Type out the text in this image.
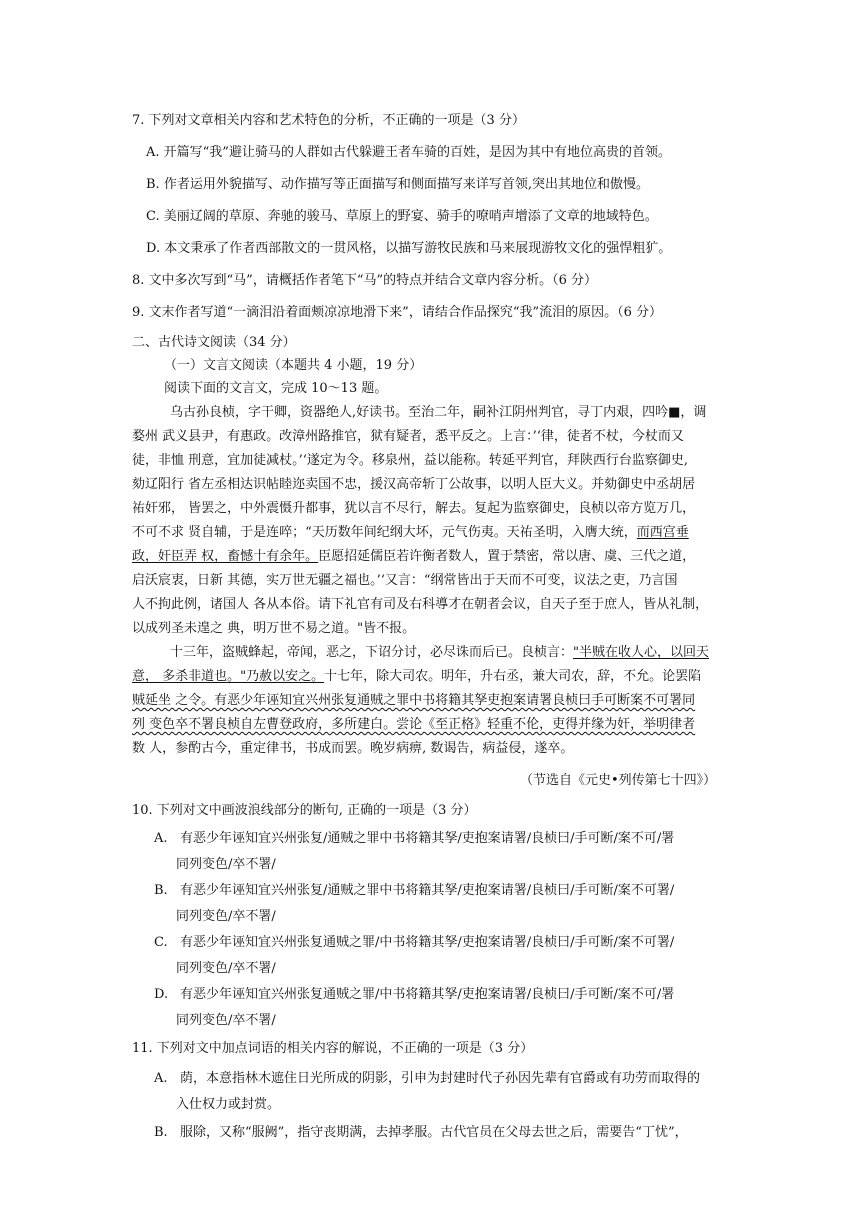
7. 下列对文章相关内容和艺术特色的分析，不正确的一项是（3 分）
A. 开篇写“我”避让骑马的人群如古代躲避王者车骑的百姓，是因为其中有地位高贵的首领。
B. 作者运用外貌描写、动作描写等正面描写和侧面描写来详写首领,突出其地位和傲慢。
C. 美丽辽阔的草原、奔驰的骏马、草原上的野宴、骑手的嘹哨声增添了文章的地域特色。
D. 本文秉承了作者西部散文的一贯风格，以描写游牧民族和马来展现游牧文化的强悍粗犷。
8. 文中多次写到“马”，请概括作者笔下“马”的特点并结合文章内容分析。（6 分）
9. 文末作者写道“一滴泪沿着面颊凉凉地滑下来”，请结合作品探究“我”流泪的原因。（6 分）
二、古代诗文阅读（34 分）
（一）文言文阅读（本题共 4 小题，19 分）
阅读下面的文言文，完成 10～13 题。
乌古孙良桢，字干卿，资器绝人,好读书。至治二年，嗣补江阴州判官，寻丁内艰，四吟■，调
婺州 武义县尹，有惠政。改漳州路推官，狱有疑者，悉平反之。上言：’‘律，徒者不杖，今杖而又
徒，非恤 刑意，宜加徒减杖。’‘遂定为令。移泉州，益以能称。转延平判官，拜陕西行台监察御史,
劾辽阳行 省左丞相达识帖睦迩卖国不忠，援汉高帝斩丁公故事，以明人臣大义。并劾御史中丞胡居
祐奸邪， 皆罢之，中外震慑升都事，犹以言不尽行，解去。复起为监察御史，良桢以帝方览万几，
不可不求 贤自辅，于是连啐；“天历数年间纪纲大坏，元气伤夷。天祐圣明，入膺大统，而西宫垂
政，奸臣弄 权，畜憾十有余年。臣愿招延儒臣若许衡者数人，置于禁密，常以唐、虞、三代之道，
启沃宸衷，日新 其德，实万世无疆之福也。’‘又言：“纲常皆出于天而不可变，议法之吏，乃言国
人不拘此例，诸国人 各从本俗。请下礼官有司及右科導才在朝者会议，自天子至于庶人，皆从礼制，
以成列圣未遑之 典，明万世不易之道。"皆不报。
十三年，盗贼蜂起，帝闻，恶之，下诏分讨，必尽诛而后已。良桢言："半贼在收人心，以回天
意， 多杀非道也。"乃赦以安之。十七年，除大司农。明年，升右丞，兼大司农，辞，不允。论罢陷
贼延坐 之令。有恶少年诬知宜兴州张复通贼之罪中书将籍其孥吏抱案请署良桢曰手可断案不可署同
列 变色卒不署良桢自左曹登政府，多所建白。尝论《至正格》轻重不伦，吏得并缘为奸，举明律者
数 人，参酌古今，重定律书，书成而罢。晚岁病痹, 数谒告，病益侵，遂卒。
（节选自《元史•列传第七十四》）
10. 下列对文中画波浪线部分的断句, 正确的一项是（3 分）
A. 有恶少年诬知宜兴州张复/通贼之罪中书将籍其孥/吏抱案请署/良桢曰/手可断/案不可/署
同列变色/卒不署/
B. 有恶少年诬知宜兴州张复/通贼之罪中书将籍其孥/吏抱案请署/良桢曰/手可断/案不可署/
同列变色/卒不署/
C. 有恶少年诬知宜兴州张复通贼之罪/中书将籍其孥/吏抱案请署/良桢曰/手可断/案不可署/
同列变色/卒不署/
D. 有恶少年诬知宜兴州张复通贼之罪/中书将籍其孥/吏抱案请署/良桢曰/手可断/案不可/署
同列变色/卒不署/
11. 下列对文中加点词语的相关内容的解说，不正确的一项是（3 分）
A. 荫，本意指林木遮住日光所成的阴影，引申为封建时代子孙因先辈有官爵或有功劳而取得的
入仕权力或封赏。
B. 服除，又称“服阙”，指守丧期满，去掉孝服。古代官员在父母去世之后，需要告“丁忧”，
